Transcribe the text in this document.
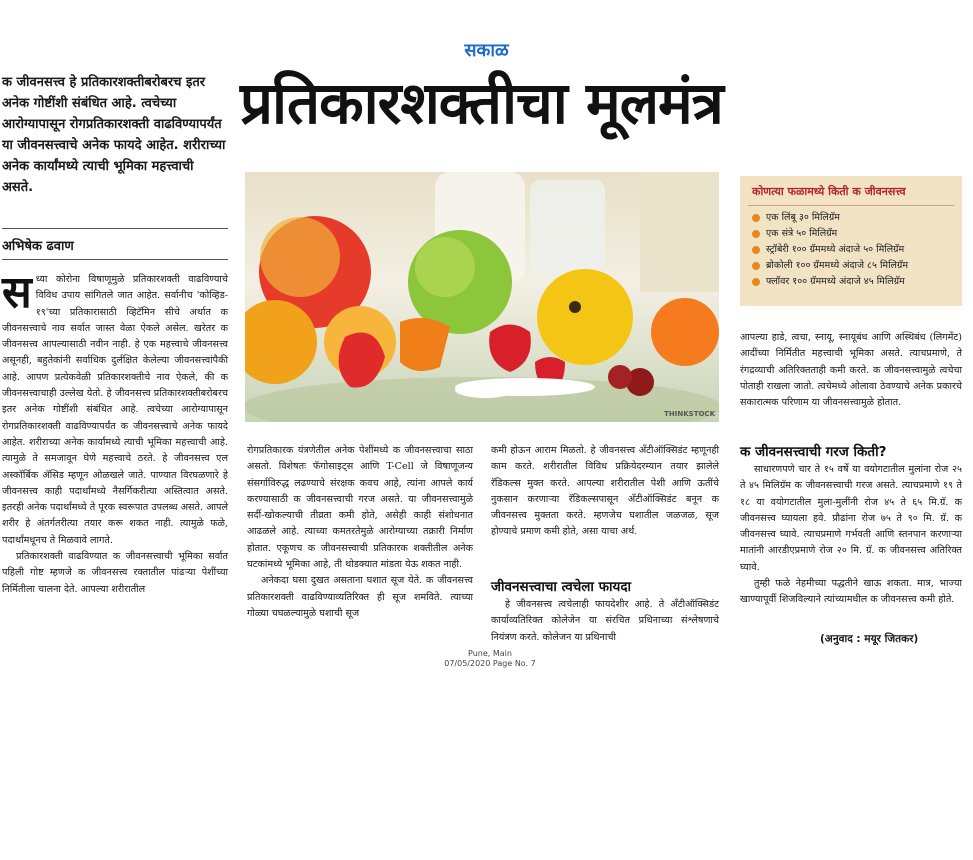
सकाळ
प्रतिकारशक्तीचा मूलमंत्र

क जीवनसत्त्व हे प्रतिकारशक्तीबरोबरच इतर अनेक गोष्टींशी संबंधित आहे. त्वचेच्या आरोग्यापासून रोगप्रतिकारशक्ती वाढविण्यापर्यंत या जीवनसत्त्वाचे अनेक फायदे आहेत. शरीराच्या अनेक कार्यांमध्ये त्याची भूमिका महत्त्वाची असते.

अभिषेक ढवाण
स ध्या कोरोना विषाणूमुळे प्रतिकारशक्ती वाढविण्याचे विविध उपाय सांगितले जात आहेत. सर्वानीच 'कोव्हिड- १९'च्या प्रतिकारासाठी व्हिटॅमिन सीचे अर्थात क जीवनसत्त्वाचे नाव सर्वात जास्त वेळा ऐकले असेल. खरेतर क जीवनसत्त्व आपल्यासाठी नवीन नाही. हे एक महत्त्वाचे जीवनसत्त्व असूनही, बहुतेकांनी सर्वाधिक दुर्लक्षित केलेल्या जीवनसत्त्वांपैकी आहे. आपण प्रत्येकवेळी प्रतिकारशक्तीचे नाव ऐकले, की क जीवनसत्त्वाचाही उल्लेख येतो. हे जीवनसत्त्व प्रतिकारशक्तीबरोबरच इतर अनेक गोष्टींशी संबंधित आहे. त्वचेच्या आरोग्यापासून रोगप्रतिकारशक्ती वाढविण्यापर्यंत क जीवनसत्त्वाचे अनेक फायदे आहेत. शरीराच्या अनेक कार्यांमध्ये त्याची भूमिका महत्त्वाची आहे. त्यामुळे ते समजावून घेणे महत्त्वाचे ठरते. हे जीवनसत्त्व एल अस्कॉर्बिक ॲसिड म्हणून ओळखले जाते. पाण्यात विरघळणारे हे जीवनसत्त्व काही पदार्थांमध्ये नैसर्गिकरीत्या अस्तित्वात असते. इतरही अनेक पदार्थांमध्ये ते पूरक स्वरूपात उपलब्ध असते. आपले शरीर हे अंतर्गतरीत्या तयार करू शकत नाही. त्यामुळे फळे, पदार्थांमधूनच ते मिळवावे लागते.

प्रतिकारशक्ती वाढविण्यात क जीवनसत्त्वाची भूमिका सर्वात पहिली गोष्ट म्हणजे क जीवनसत्त्व रक्तातील पांढऱ्या पेशींच्या निर्मितीला चालना देते. आपल्या शरीरातील

THINKSTOCK
कोणत्या फळामध्ये किती क जीवनसत्त्व
एक लिंबू ३० मिलिग्रॅम
एक संत्रे ५० मिलिग्रॅम
स्ट्रॉबेरी १०० ग्रॅममध्ये अंदाजे ५० मिलिग्रॅम
ब्रोकोली १०० ग्रॅममध्ये अंदाजे ८५ मिलिग्रॅम
फ्लॉवर १०० ग्रॅममध्ये अंदाजे ४५ मिलिग्रॅम

रोगप्रतिकारक यंत्रणेतील अनेक पेशींमध्ये क जीवनसत्त्वाचा साठा असतो. विशेषतः फॅगोसाइट्स आणि T-Cell जे विषाणूजन्य संसर्गाविरुद्ध लढण्याचे संरक्षक कवच आहे, त्यांना आपले कार्य करण्यासाठी क जीवनसत्त्वाची गरज असते. या जीवनसत्त्वामुळे सर्दी-खोकल्याची तीव्रता कमी होते, असेही काही संशोधनात आढळले आहे. त्याच्या कमतरतेमुळे आरोग्याच्या तक्रारी निर्माण होतात. एकूणच क जीवनसत्त्वाची प्रतिकारक शक्तीतील अनेक घटकांमध्ये भूमिका आहे, ती थोडक्यात मांडता येऊ शकत नाही.

अनेकदा घसा दुखत असताना घशात सूज येते. क जीवनसत्त्व प्रतिकारशक्ती वाढविण्याव्यतिरिक्त ही सूज शमविते. त्याच्या गोळ्या चघळल्यामुळे घशाची सूज

कमी होऊन आराम मिळतो. हे जीवनसत्त्व अँटीऑक्सिडंट म्हणूनही काम करते. शरीरातील विविध प्रक्रियेदरम्यान तयार झालेले रॅडिकल्स मुक्त करते. आपल्या शरीरातील पेशी आणि ऊतींचे नुकसान करणाऱ्या रॅडिकल्सपासून अँटीऑक्सिडंट बनून क जीवनसत्त्व मुक्तता करते. म्हणजेच घशातील जळजळ, सूज होण्याचे प्रमाण कमी होते, असा याचा अर्थ.

जीवनसत्त्वाचा त्वचेला फायदा

हे जीवनसत्त्व त्वचेलाही फायदेशीर आहे. ते अँटीऑक्सिडंट कार्याव्यतिरिक्त कोलेजेन या संरचित प्रथिनाच्या संश्लेषणाचे नियंत्रण करते. कोलेजन या प्रथिनाची

आपल्या हाडे, त्वचा, स्नायू, स्नायूबंध आणि अस्थिबंध (लिगमेंट) आदींच्या निर्मितीत महत्त्वाची भूमिका असते. त्याचप्रमाणे, ते रंगद्रव्याची अतिरिक्तताही कमी करते. क जीवनसत्त्वामुळे त्वचेचा पोताही राखला जातो. त्वचेमध्ये ओलावा ठेवण्याचे अनेक प्रकारचे सकारात्मक परिणाम या जीवनसत्त्वामुळे होतात.

क जीवनसत्त्वाची गरज किती?

साधारणपणे चार ते १५ वर्षे या वयोगटातील मुलांना रोज २५ ते ४५ मिलिग्रॅम क जीवनसत्त्वाची गरज असते. त्याचप्रमाणे १९ ते १८ या वयोगटातील मुला-मुलींनी रोज ४५ ते ६५ मि.ग्रॅ. क जीवनसत्त्व घ्यायला हवे. प्रौढांना रोज ७५ ते ९० मि. ग्रॅ. क जीवनसत्त्व घ्यावे. त्याचप्रमाणे गर्भवती आणि स्तनपान करणाऱ्या मातांनी आरडीएप्रमाणे रोज २० मि. ग्रॅ. क जीवनसत्त्व अतिरिक्त घ्यावे.

तुम्ही फळे नेहमीच्या पद्धतीने खाऊ शकता. मात्र, भाज्या खाण्यापूर्वी शिजविल्याने त्यांच्यामधील क जीवनसत्त्व कमी होते.

(अनुवाद : मयूर जितकर)
Pune, Main
07/05/2020 Page No. 7
